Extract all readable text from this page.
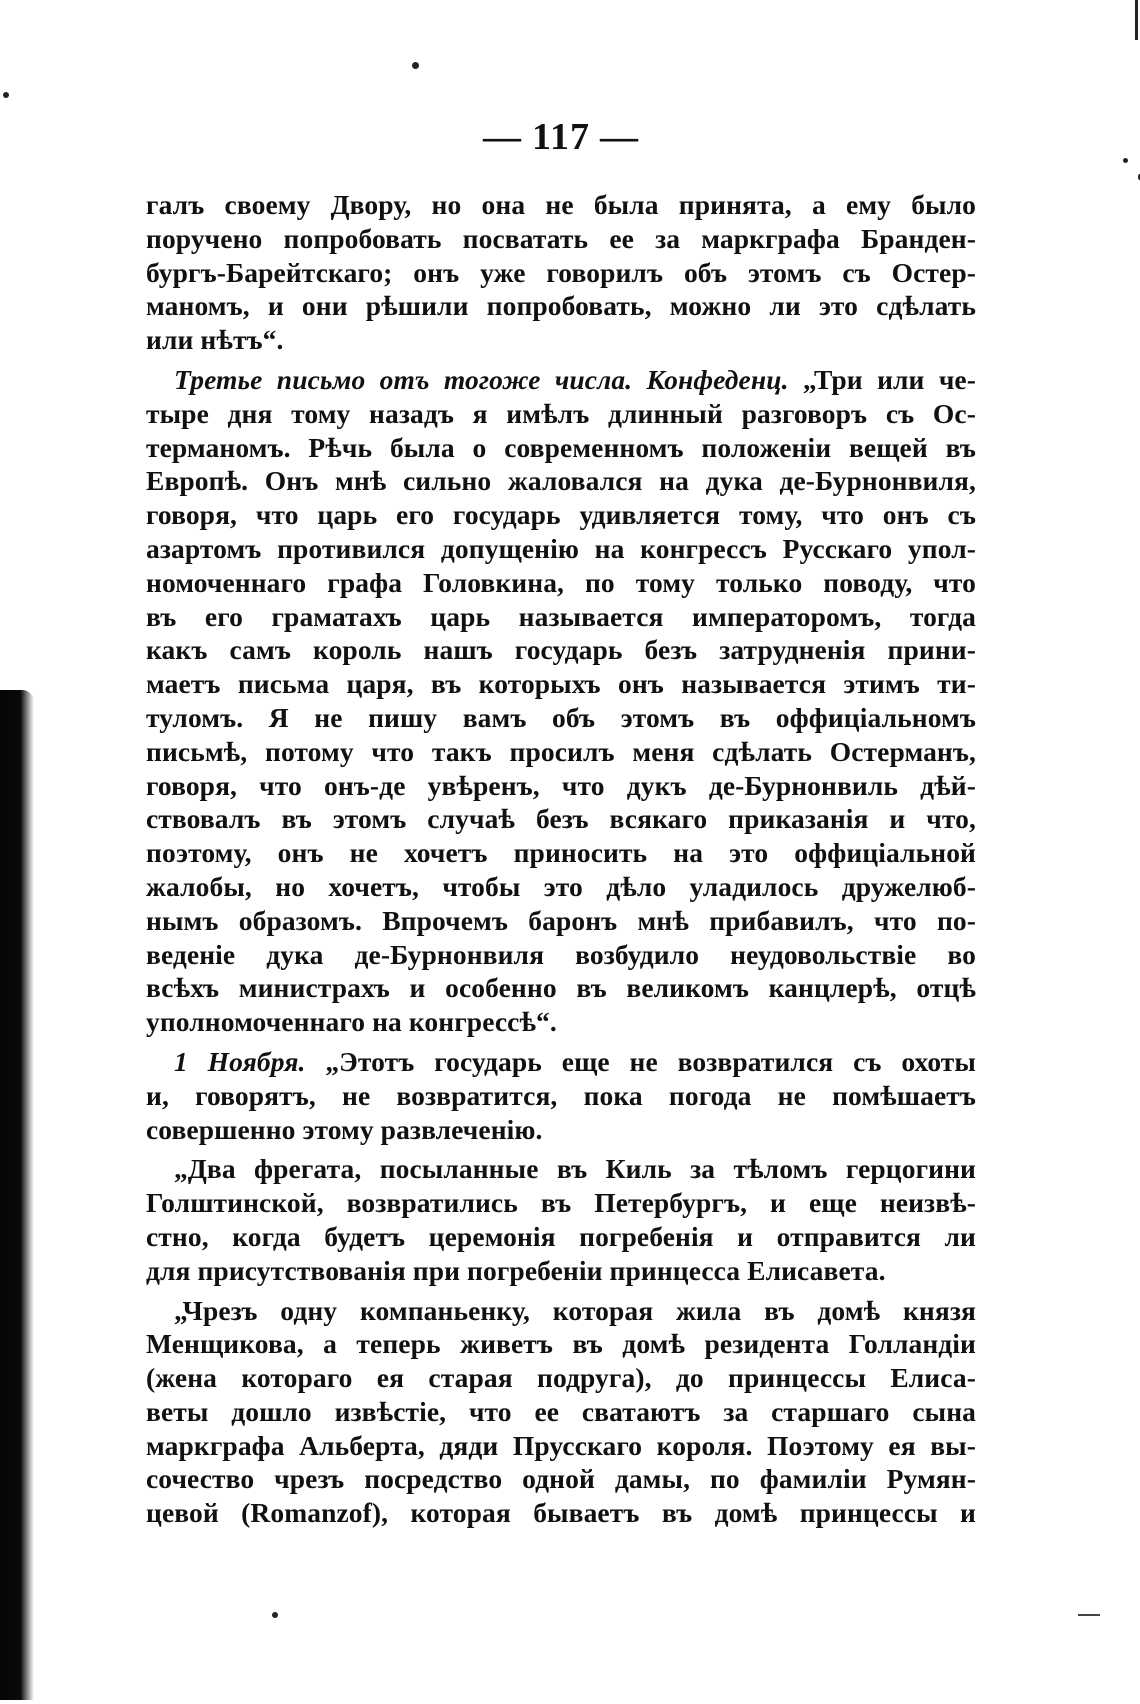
— 117 —
галъ своему Двору, но она не была принята, а ему было
поручено попробовать посватать ее за маркграфа Бранден-
бургъ-Барейтскаго; онъ уже говорилъ объ этомъ съ Остер-
маномъ, и они рѣшили попробовать, можно ли это сдѣлать
или нѣтъ“.
Третье письмо отъ тогоже числа. Конфеденц. „Три или че-
тыре дня тому назадъ я имѣлъ длинный разговоръ съ Ос-
терманомъ. Рѣчь была о современномъ положеніи вещей въ
Европѣ. Онъ мнѣ сильно жаловался на дука де-Бурнонвиля,
говоря, что царь его государь удивляется тому, что онъ съ
азартомъ противился допущенію на конгрессъ Русскаго упол-
номоченнаго графа Головкина, по тому только поводу, что
въ его граматахъ царь называется императоромъ, тогда
какъ самъ король нашъ государь безъ затрудненія прини-
маетъ письма царя, въ которыхъ онъ называется этимъ ти-
туломъ. Я не пишу вамъ объ этомъ въ оффиціальномъ
письмѣ, потому что такъ просилъ меня сдѣлать Остерманъ,
говоря, что онъ-де увѣренъ, что дукъ де-Бурнонвиль дѣй-
ствовалъ въ этомъ случаѣ безъ всякаго приказанія и что,
поэтому, онъ не хочетъ приносить на это оффиціальной
жалобы, но хочетъ, чтобы это дѣло уладилось дружелюб-
нымъ образомъ. Впрочемъ баронъ мнѣ прибавилъ, что по-
веденіе дука де-Бурнонвиля возбудило неудовольствіе во
всѣхъ министрахъ и особенно въ великомъ канцлерѣ, отцѣ
уполномоченнаго на конгрессѣ“.
1 Ноября. „Этотъ государь еще не возвратился съ охоты
и, говорятъ, не возвратится, пока погода не помѣшаетъ
совершенно этому развлеченію.
„Два фрегата, посыланные въ Киль за тѣломъ герцогини
Голштинской, возвратились въ Петербургъ, и еще неизвѣ-
стно, когда будетъ церемонія погребенія и отправится ли
для присутствованія при погребеніи принцесса Елисавета.
„Чрезъ одну компаньенку, которая жила въ домѣ князя
Менщикова, а теперь живетъ въ домѣ резидента Голландіи
(жена котораго ея старая подруга), до принцессы Елиса-
веты дошло извѣстіе, что ее сватаютъ за старшаго сына
маркграфа Альберта, дяди Прусскаго короля. Поэтому ея вы-
сочество чрезъ посредство одной дамы, по фамиліи Румян-
цевой (Romanzof), которая бываетъ въ домѣ принцессы и
